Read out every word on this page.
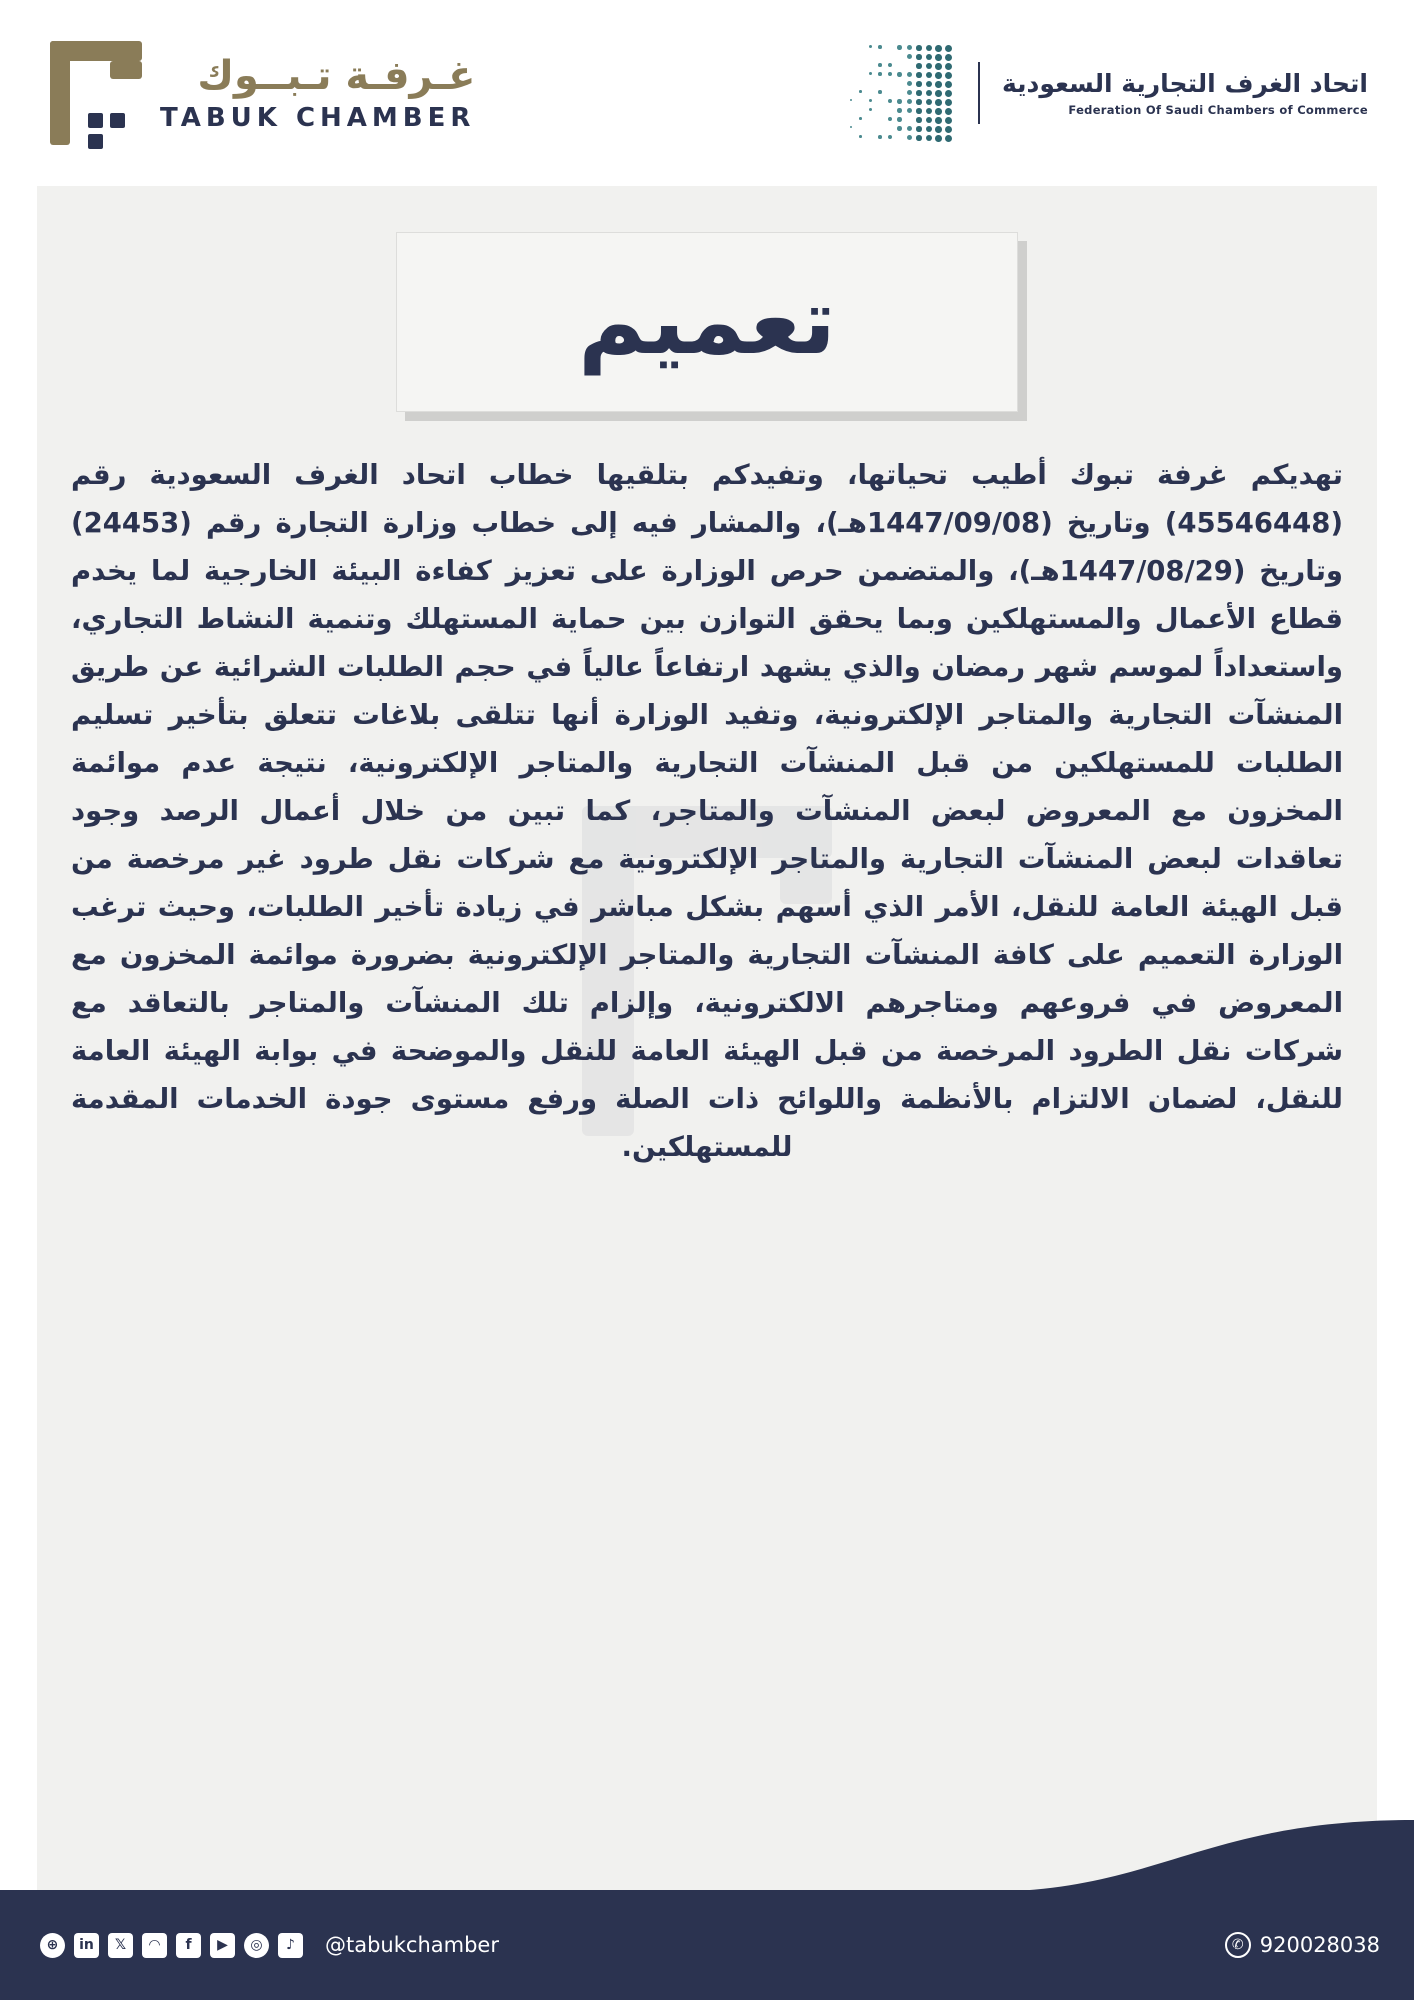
اتحاد الغرف التجارية السعودية
Federation Of Saudi Chambers of Commerce
غـرفـة تـبــوك
TABUK CHAMBER
تعميم
تهديكم غرفة تبوك أطيب تحياتها، وتفيدكم بتلقيها خطاب اتحاد الغرف السعودية رقم (45546448) وتاريخ (1447/09/08هـ)، والمشار فيه إلى خطاب وزارة التجارة رقم (24453) وتاريخ (1447/08/29هـ)، والمتضمن حرص الوزارة على تعزيز كفاءة البيئة الخارجية لما يخدم قطاع الأعمال والمستهلكين وبما يحقق التوازن بين حماية المستهلك وتنمية النشاط التجاري، واستعداداً لموسم شهر رمضان والذي يشهد ارتفاعاً عالياً في حجم الطلبات الشرائية عن طريق المنشآت التجارية والمتاجر الإلكترونية، وتفيد الوزارة أنها تتلقى بلاغات تتعلق بتأخير تسليم الطلبات للمستهلكين من قبل المنشآت التجارية والمتاجر الإلكترونية، نتيجة عدم موائمة المخزون مع المعروض لبعض المنشآت والمتاجر، كما تبين من خلال أعمال الرصد وجود تعاقدات لبعض المنشآت التجارية والمتاجر الإلكترونية مع شركات نقل طرود غير مرخصة من قبل الهيئة العامة للنقل، الأمر الذي أسهم بشكل مباشر في زيادة تأخير الطلبات، وحيث ترغب الوزارة التعميم على كافة المنشآت التجارية والمتاجر الإلكترونية بضرورة موائمة المخزون مع المعروض في فروعهم ومتاجرهم الالكترونية، وإلزام تلك المنشآت والمتاجر بالتعاقد مع شركات نقل الطرود المرخصة من قبل الهيئة العامة للنقل والموضحة في بوابة الهيئة العامة للنقل، لضمان الالتزام بالأنظمة واللوائح ذات الصلة ورفع مستوى جودة الخدمات المقدمة للمستهلكين.
⊕	in	𝕏	◠	f	▶	◎	♪	@tabukchamber	✆ 920028038
